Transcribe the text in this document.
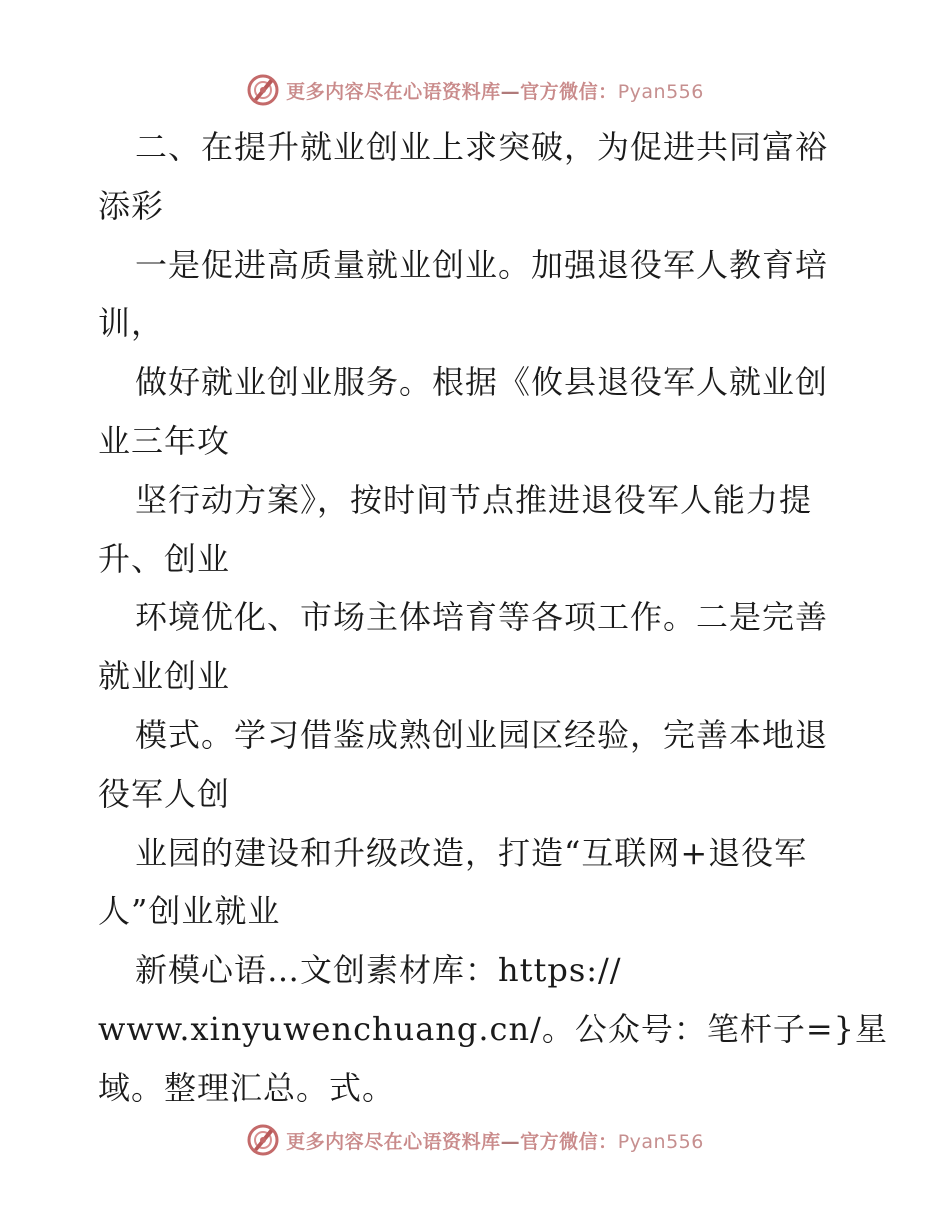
更多内容尽在心语资料库—官方微信：Pyan556
二、在提升就业创业上求突破，为促进共同富裕
添彩
一是促进高质量就业创业。加强退役军人教育培
训，
做好就业创业服务。根据《攸县退役军人就业创
业三年攻
坚行动方案》，按时间节点推进退役军人能力提
升、创业
环境优化、市场主体培育等各项工作。二是完善
就业创业
模式。学习借鉴成熟创业园区经验，完善本地退
役军人创
业园的建设和升级改造，打造“互联网+退役军
人”创业就业
新模心语…文创素材库：https://
www.xinyuwenchuang.cn/。公众号：笔杆子=}星
域。整理汇总。式。
更多内容尽在心语资料库—官方微信：Pyan556
